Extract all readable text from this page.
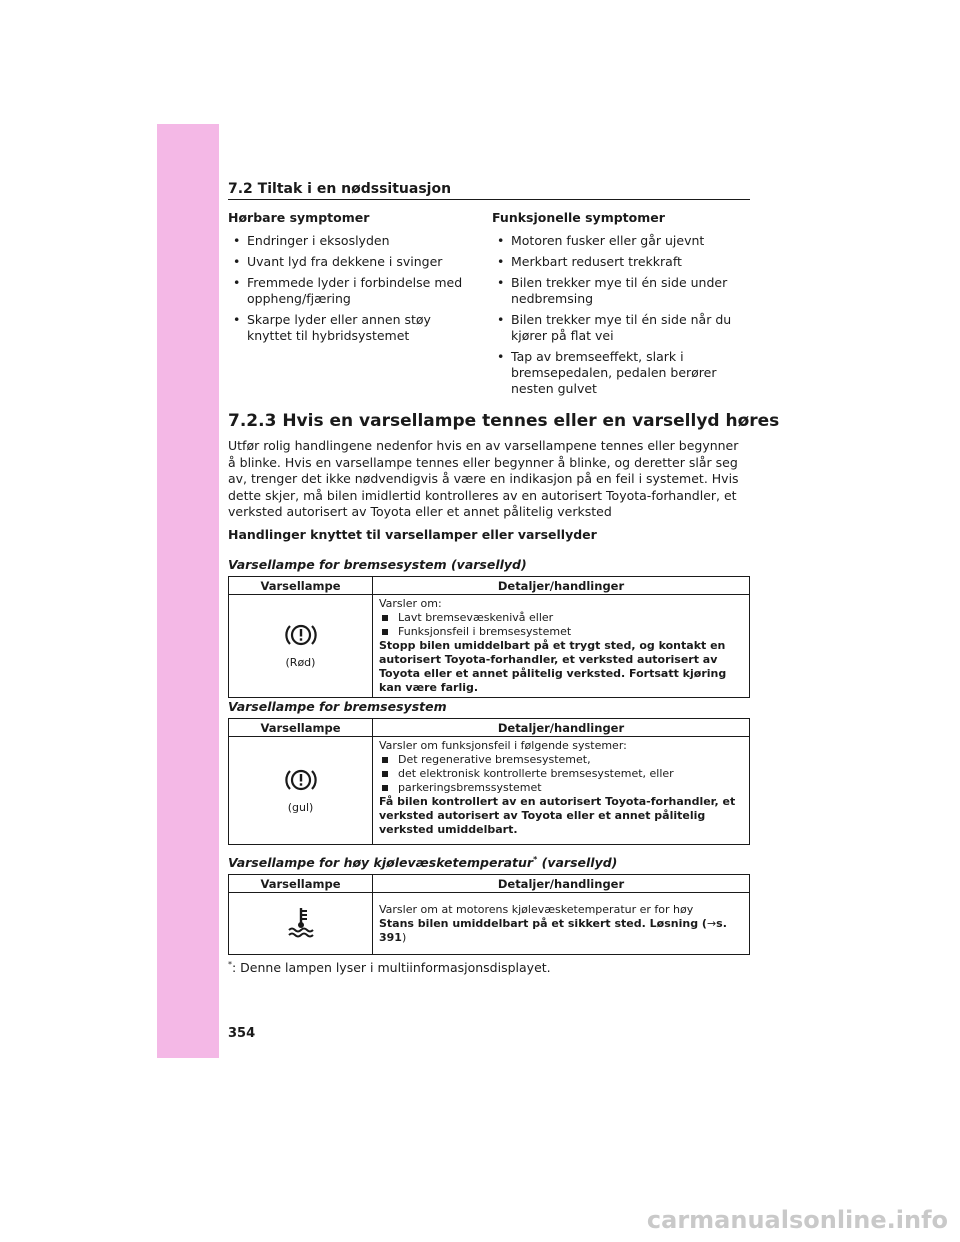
7.2 Tiltak i en nødssituasjon
Hørbare symptomer
• Endringer i eksoslyden
• Uvant lyd fra dekkene i svinger
• Fremmede lyder i forbindelse med oppheng/fjæring
• Skarpe lyder eller annen støy knyttet til hybridsystemet
Funksjonelle symptomer
• Motoren fusker eller går ujevnt
• Merkbart redusert trekkraft
• Bilen trekker mye til én side under nedbremsing
• Bilen trekker mye til én side når du kjører på flat vei
• Tap av bremseeffekt, slark i bremsepedalen, pedalen berører nesten gulvet
7.2.3 Hvis en varsellampe tennes eller en varsellyd høres
Utfør rolig handlingene nedenfor hvis en av varsellampene tennes eller begynner å blinke. Hvis en varsellampe tennes eller begynner å blinke, og deretter slår seg av, trenger det ikke nødvendigvis å være en indikasjon på en feil i systemet. Hvis dette skjer, må bilen imidlertid kontrolleres av en autorisert Toyota-forhandler, et verksted autorisert av Toyota eller et annet pålitelig verksted
Handlinger knyttet til varsellamper eller varsellyder
Varsellampe for bremsesystem (varsellyd)
Varsellampe	Detaljer/handlinger

(Rød)	Varsler om:
Lavt bremsevæskenivå eller
Funksjonsfeil i bremsesystemet
Stopp bilen umiddelbart på et trygt sted, og kontakt en autorisert Toyota-forhandler, et verksted autorisert av Toyota eller et annet pålitelig verksted. Fortsatt kjøring kan være farlig.
Varsellampe for bremsesystem
Varsellampe	Detaljer/handlinger

(gul)	Varsler om funksjonsfeil i følgende systemer:
Det regenerative bremsesystemet,
det elektronisk kontrollerte bremsesystemet, eller
parkeringsbremssystemet
Få bilen kontrollert av en autorisert Toyota-forhandler, et verksted autorisert av Toyota eller et annet pålitelig verksted umiddelbart.
Varsellampe for høy kjølevæsketemperatur* (varsellyd)
Varsellampe	Detaljer/handlinger

Varsler om at motorens kjølevæsketemperatur er for høy
Stans bilen umiddelbart på et sikkert sted. Løsning (→s. 391)
*: Denne lampen lyser i multiinformasjonsdisplayet.
354
carmanualsonline.info
